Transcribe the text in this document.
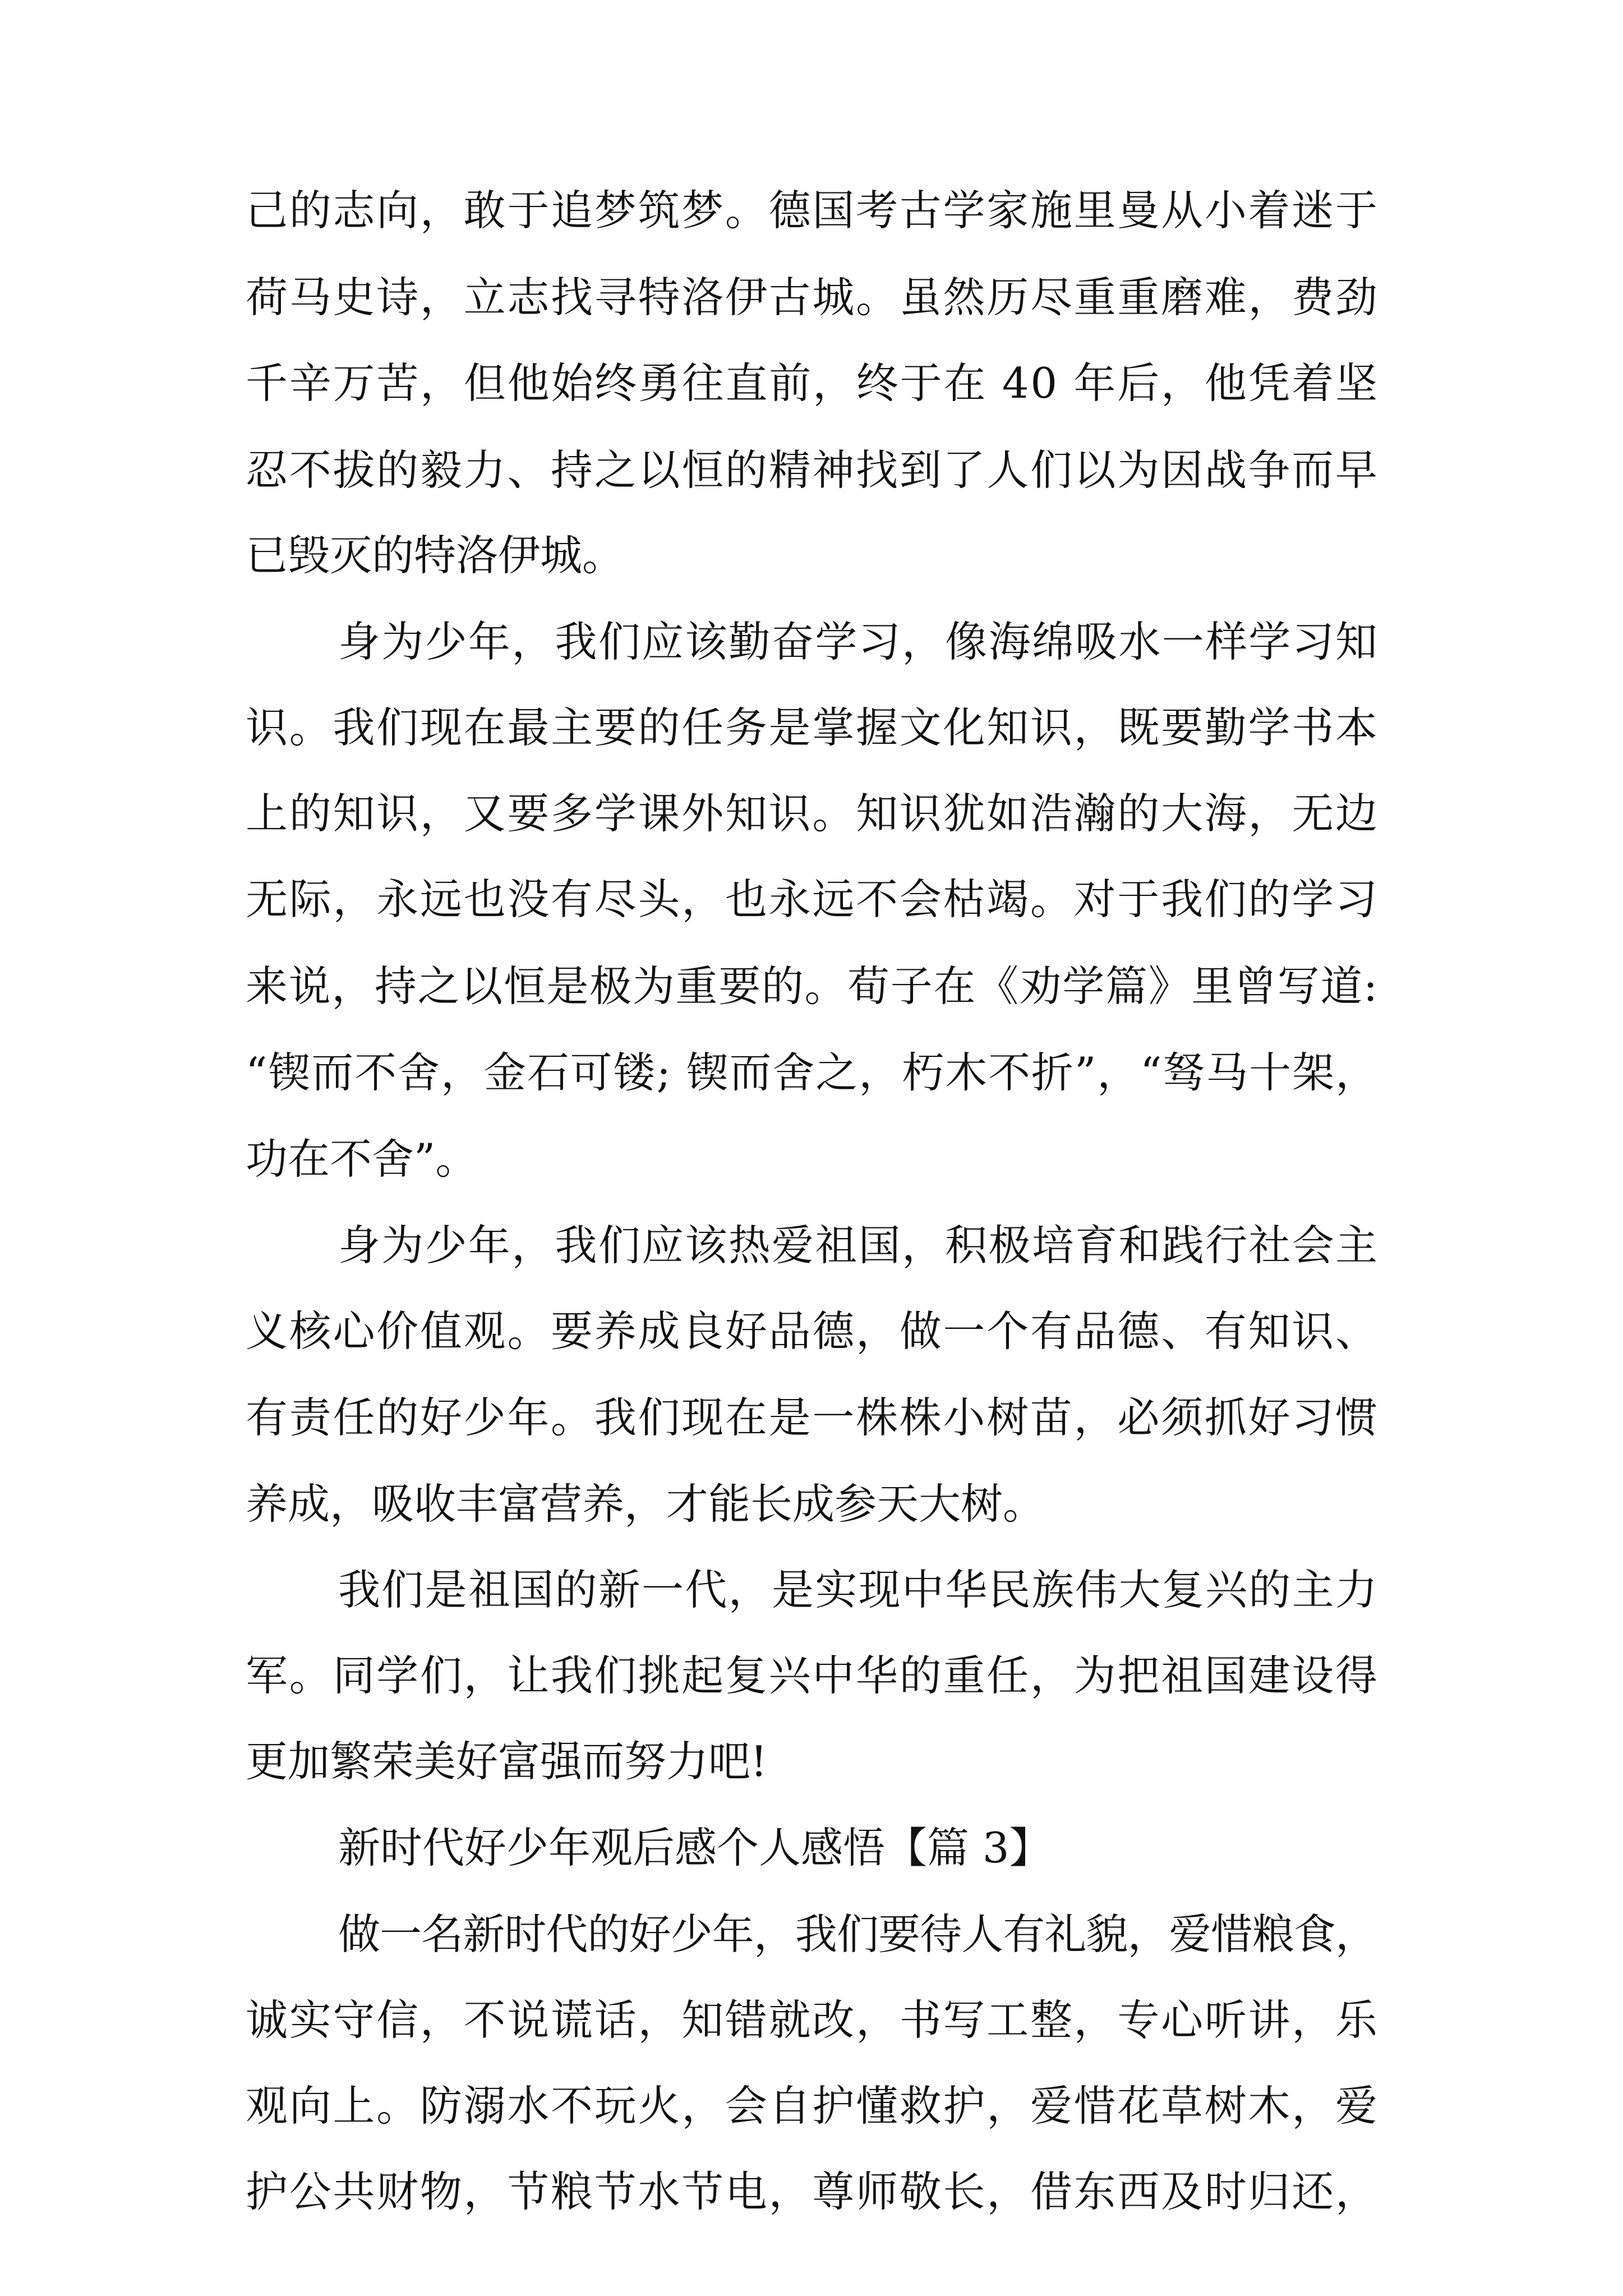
己的志向，敢于追梦筑梦。德国考古学家施里曼从小着迷于

荷马史诗，立志找寻特洛伊古城。虽然历尽重重磨难，费劲

千辛万苦，但他始终勇往直前，终于在 40 年后，他凭着坚

忍不拔的毅力、持之以恒的精神找到了人们以为因战争而早

已毁灭的特洛伊城。

身为少年，我们应该勤奋学习，像海绵吸水一样学习知

识。我们现在最主要的任务是掌握文化知识，既要勤学书本

上的知识，又要多学课外知识。知识犹如浩瀚的大海，无边

无际，永远也没有尽头，也永远不会枯竭。对于我们的学习

来说，持之以恒是极为重要的。荀子在《劝学篇》里曾写道:

“锲而不舍，金石可镂; 锲而舍之，朽木不折”，“驽马十架，

功在不舍”。

身为少年，我们应该热爱祖国，积极培育和践行社会主

义核心价值观。要养成良好品德，做一个有品德、有知识、

有责任的好少年。我们现在是一株株小树苗，必须抓好习惯

养成，吸收丰富营养，才能长成参天大树。

我们是祖国的新一代，是实现中华民族伟大复兴的主力

军。同学们，让我们挑起复兴中华的重任，为把祖国建设得

更加繁荣美好富强而努力吧!

新时代好少年观后感个人感悟【篇 3】

做一名新时代的好少年，我们要待人有礼貌，爱惜粮食，

诚实守信，不说谎话，知错就改，书写工整，专心听讲，乐

观向上。防溺水不玩火，会自护懂救护，爱惜花草树木，爱

护公共财物，节粮节水节电，尊师敬长，借东西及时归还，
